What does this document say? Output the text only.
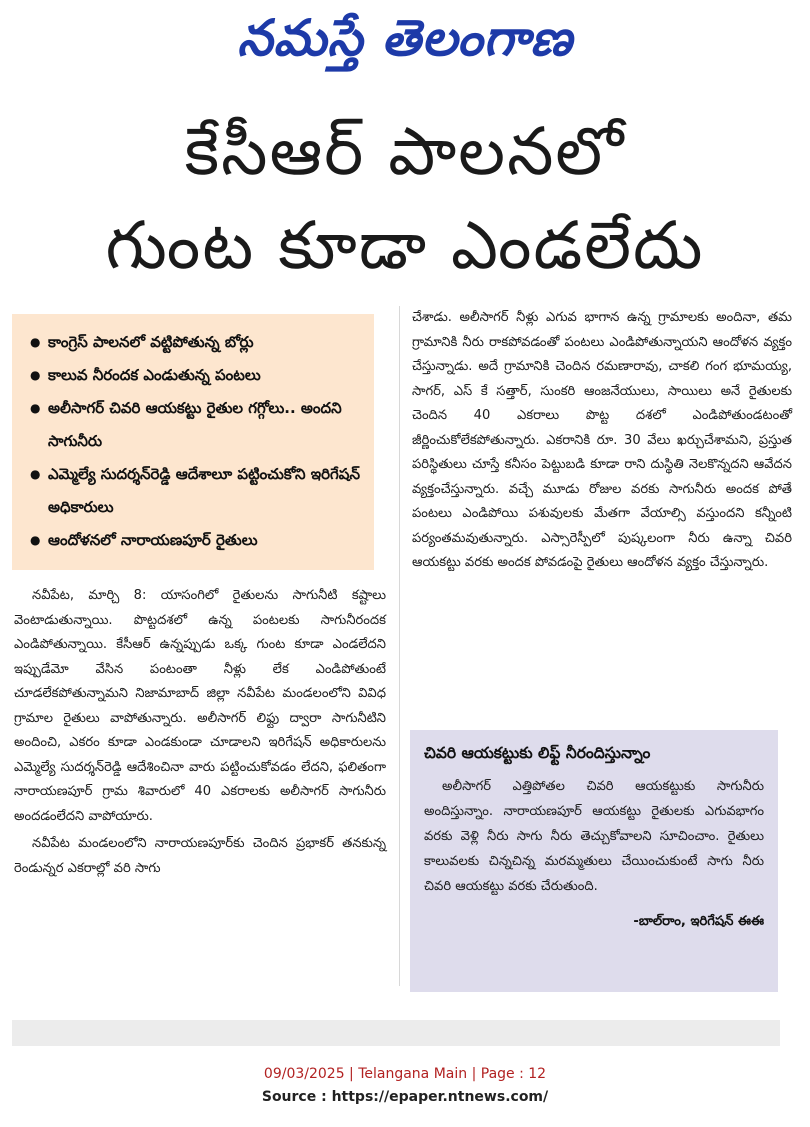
నమస్తే తెలంగాణ
కేసీఆర్ పాలనలో
గుంట కూడా ఎండలేదు
● కాంగ్రెస్ పాలనలో వట్టిపోతున్న బోర్లు
● కాలువ నీరందక ఎండుతున్న పంటలు
● అలీసాగర్ చివరి ఆయకట్టు రైతుల గగ్గోలు.. అందని సాగునీరు
● ఎమ్మెల్యే సుదర్శన్‌రెడ్డి ఆదేశాలూ పట్టించుకోని ఇరిగేషన్ అధికారులు
● ఆందోళనలో నారాయణపూర్ రైతులు

నవీపేట, మార్చి 8: యాసంగిలో రైతులను సాగునీటి కష్టాలు వెంటాడుతున్నాయి. పొట్టదశలో ఉన్న పంటలకు సాగునీరందక ఎండిపోతున్నాయి. కేసీఆర్ ఉన్నప్పుడు ఒక్క గుంట కూడా ఎండలేదని ఇప్పుడేమో వేసిన పంటంతా నీళ్లు లేక ఎండిపోతుంటే చూడలేకపోతున్నామని నిజామాబాద్ జిల్లా నవీపేట మండలంలోని వివిధ గ్రామాల రైతులు వాపోతున్నారు. అలీసాగర్ లిఫ్టు ద్వారా సాగునీటిని అందించి, ఎకరం కూడా ఎండకుండా చూడాలని ఇరిగేషన్ అధికారులను ఎమ్మెల్యే సుదర్శన్‌రెడ్డి ఆదేశించినా వారు పట్టించుకోవడం లేదని, ఫలితంగా నారాయణపూర్ గ్రామ శివారులో 40 ఎకరాలకు అలీసాగర్ సాగునీరు అందడంలేదని వాపోయారు.

నవీపేట మండలంలోని నారాయణపూర్‌కు చెందిన ప్రభాకర్ తనకున్న రెండున్నర ఎకరాల్లో వరి సాగు

చేశాడు. అలీసాగర్ నీళ్లు ఎగువ భాగాన ఉన్న గ్రామాలకు అందినా, తమ గ్రామానికి నీరు రాకపోవడంతో పంటలు ఎండిపోతున్నాయని ఆందోళన వ్యక్తం చేస్తున్నాడు. అదే గ్రామానికి చెందిన రమణారావు, చాకలి గంగ భూమయ్య, సాగర్, ఎస్ కే సత్తార్, సుంకరి ఆంజనేయులు, సాయిలు అనే రైతులకు చెందిన 40 ఎకరాలు పొట్ట దశలో ఎండిపోతుండటంతో జీర్ణించుకోలేకపోతున్నారు. ఎకరానికి రూ. 30 వేలు ఖర్చుచేశామని, ప్రస్తుత పరిస్థితులు చూస్తే కనీసం పెట్టుబడి కూడా రాని దుస్థితి నెలకొన్నదని ఆవేదన వ్యక్తంచేస్తున్నారు. వచ్చే మూడు రోజుల వరకు సాగునీరు అందక పోతే పంటలు ఎండిపోయి పశువులకు మేతగా వేయాల్సి వస్తుందని కన్నీంటి పర్యంతమవుతున్నారు. ఎస్సారెస్పీలో పుష్కలంగా నీరు ఉన్నా చివరి ఆయకట్టు వరకు అందక పోవడంపై రైతులు ఆందోళన వ్యక్తం చేస్తున్నారు.

చివరి ఆయకట్టుకు లిఫ్ట్ నీరందిస్తున్నాం
అలీసాగర్ ఎత్తిపోతల చివరి ఆయకట్టుకు సాగునీరు అందిస్తున్నాం. నారాయణపూర్ ఆయకట్టు రైతులకు ఎగువభాగం వరకు వెళ్లి నీరు సాగు నీరు తెచ్చుకోవాలని సూచించాం. రైతులు కాలువలకు చిన్నచిన్న మరమ్మతులు చేయించుకుంటే సాగు నీరు చివరి ఆయకట్టు వరకు చేరుతుంది.
-బాల్‌రాం, ఇరిగేషన్ ఈఈ
09/03/2025 | Telangana Main | Page : 12
Source : https://epaper.ntnews.com/
